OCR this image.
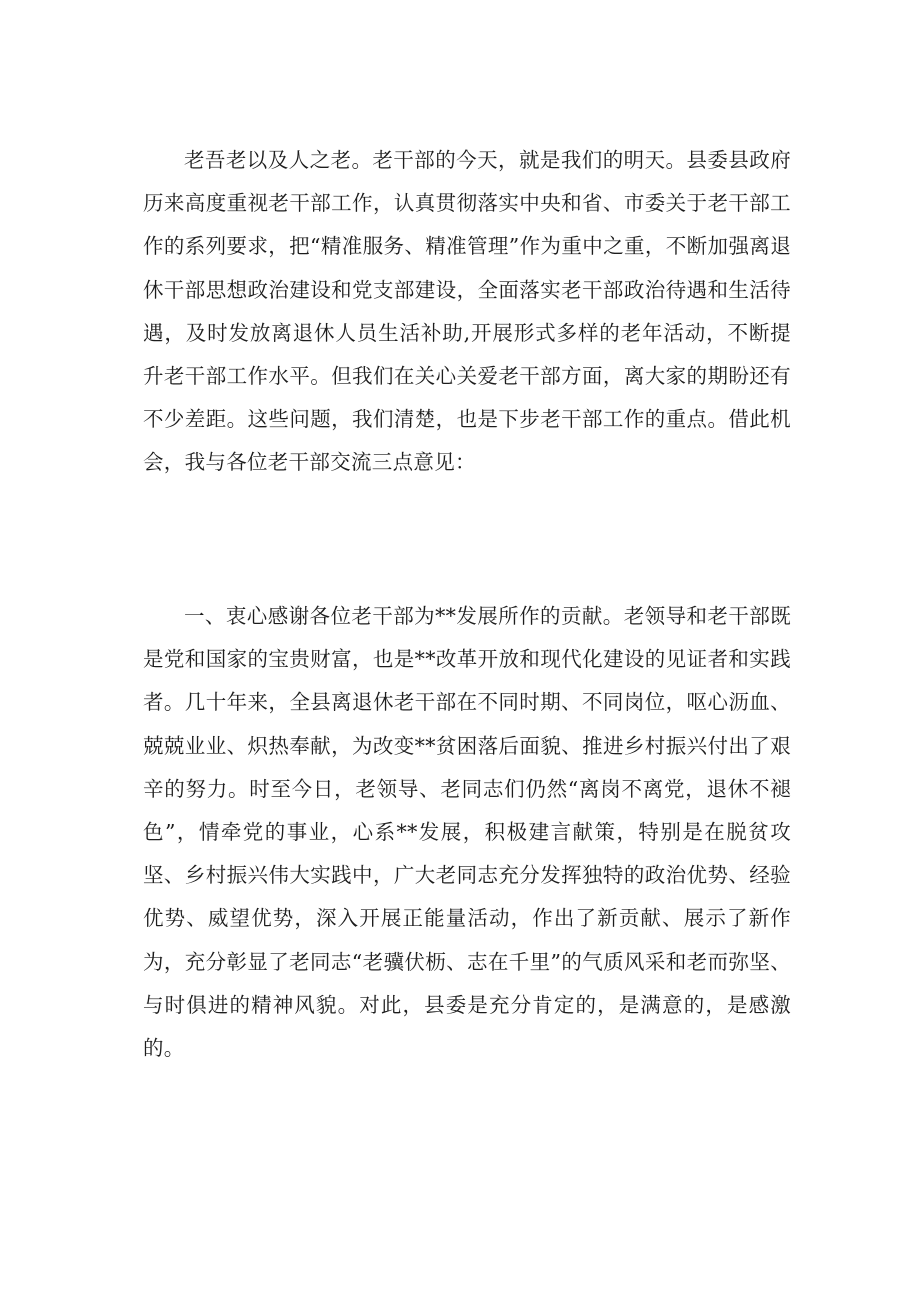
老吾老以及人之老。老干部的今天，就是我们的明天。县委县政府历来高度重视老干部工作，认真贯彻落实中央和省、市委关于老干部工作的系列要求，把“精准服务、精准管理”作为重中之重，不断加强离退休干部思想政治建设和党支部建设，全面落实老干部政治待遇和生活待遇，及时发放离退休人员生活补助,开展形式多样的老年活动，不断提升老干部工作水平。但我们在关心关爱老干部方面，离大家的期盼还有不少差距。这些问题，我们清楚，也是下步老干部工作的重点。借此机会，我与各位老干部交流三点意见：

一、衷心感谢各位老干部为**发展所作的贡献。老领导和老干部既是党和国家的宝贵财富，也是**改革开放和现代化建设的见证者和实践者。几十年来，全县离退休老干部在不同时期、不同岗位，呕心沥血、兢兢业业、炽热奉献，为改变**贫困落后面貌、推进乡村振兴付出了艰辛的努力。时至今日，老领导、老同志们仍然“离岗不离党，退休不褪色”，情牵党的事业，心系**发展，积极建言献策，特别是在脱贫攻坚、乡村振兴伟大实践中，广大老同志充分发挥独特的政治优势、经验优势、威望优势，深入开展正能量活动，作出了新贡献、展示了新作为，充分彰显了老同志“老骥伏枥、志在千里”的气质风采和老而弥坚、与时俱进的精神风貌。对此，县委是充分肯定的，是满意的，是感激的。
